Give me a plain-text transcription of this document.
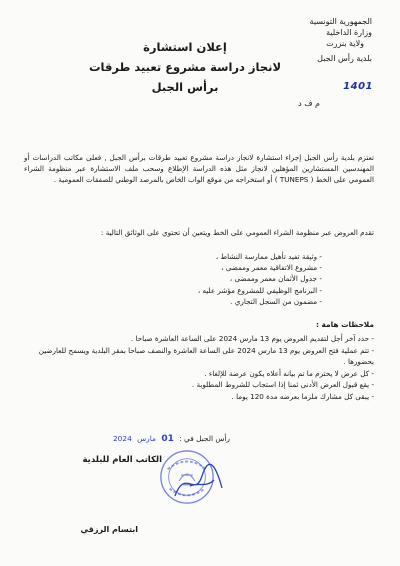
الجمهورية التونسية
وزارة الداخلية
ولاية بنزرت
بلدية رأس الجبل
1401
م ف د
إعلان استشارة
لانجاز دراسة مشروع تعبيد طرقات
برأس الجبل
تعتزم بلدية رأس الجبل إجراء استشارة لانجاز دراسة مشروع تعبيد طرقات برأس الجبل , فعلى مكاتب الدراسات أو المهندسين المستشارين المؤهلين لانجاز مثل هذه الدراسة الإطلاع وسحب ملف الاستشارة عبر منظومة الشراء العمومي على الخط ( TUNEPS ) أو استخراجه من موقع الواب الخاص بالمرصد الوطني للصفقات العمومية .
تقدم العروض عبر منظومة الشراء العمومي على الخط ويتعين أن تحتوي على الوثائق التالية :
- وثيقة تفيد تأهيل ممارسة النشاط ،
- مشروع الاتفاقية معمر وممضى ،
- جدول الأثمان معمر وممضى ،
- البرنامج الوظيفي للمشروع مؤشر عليه ،
- مضمون من السجل التجاري .
ملاحظات هامة :
- حدد آخر أجل لتقديم العروض يوم 13 مارس 2024 على الساعة العاشرة صباحا .
- تتم عملية فتح العروض يوم 13 مارس 2024 على الساعة العاشرة والنصف صباحا بمقر البلدية ويسمح للعارضين بحضورها .
- كل عرض لا يحترم ما تم بيانه أعلاه يكون عرضة للإلغاء .
- يقع قبول العرض الأدنى ثمنا إذا استجاب للشروط المطلوبة .
- يبقى كل مشارك ملزما بعرضه مدة 120 يوما .
رأس الجبل في : 01 مارس 2024
الكاتب العام للبلدية
ابتسام الرزقي
